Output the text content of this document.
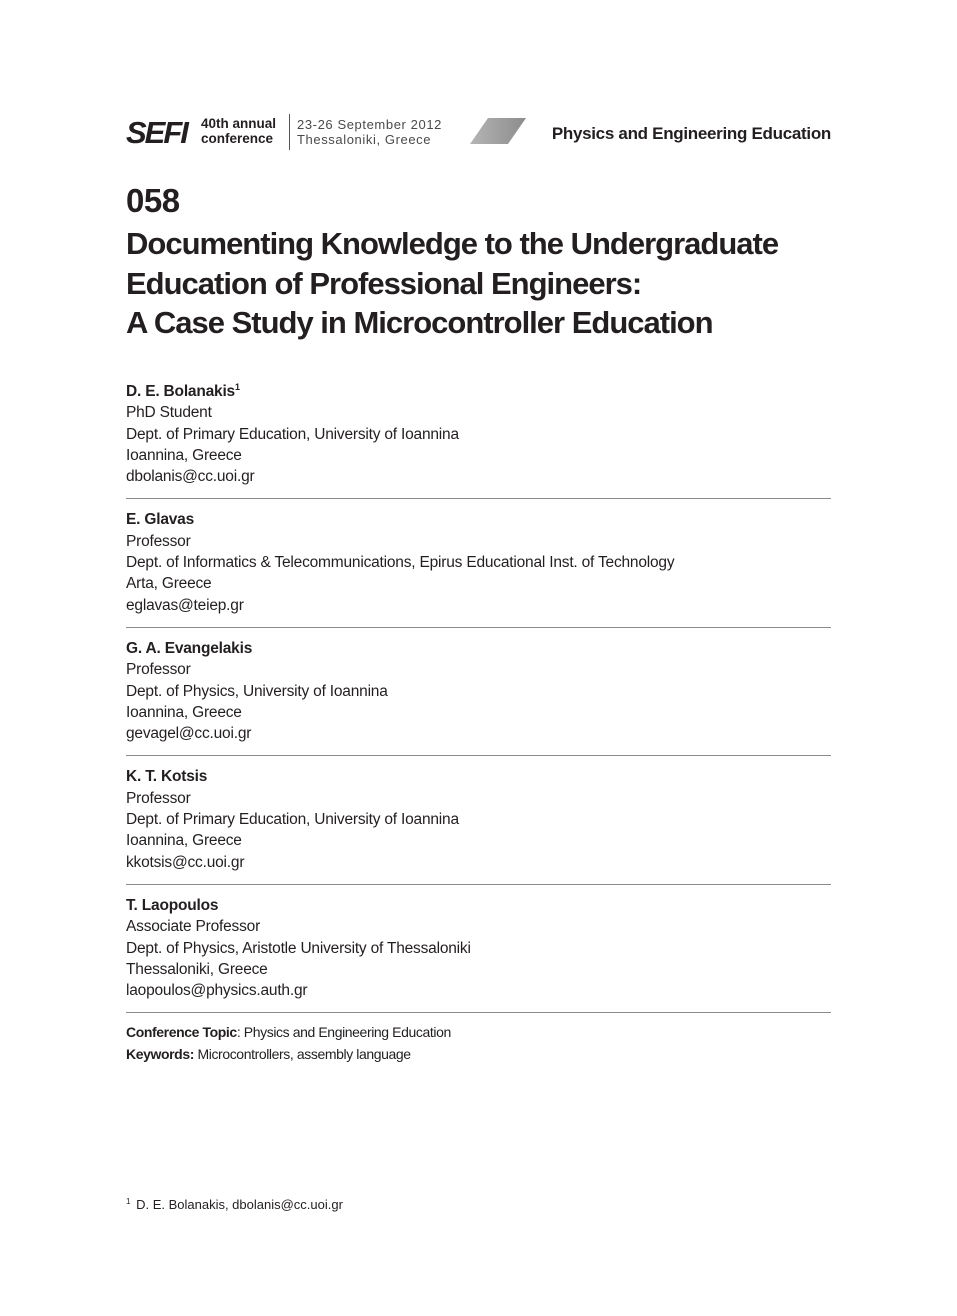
SEFI 40th annual
conference
23-26 September 2012
Thessaloniki, Greece	Physics and Engineering Education
058
Documenting Knowledge to the Undergraduate
Education of Professional Engineers:
A Case Study in Microcontroller Education
D. E. Bolanakis$^1$
PhD Student
Dept. of Primary Education, University of Ioannina
Ioannina, Greece
dbolanis@cc.uoi.gr
E. Glavas
Professor
Dept. of Informatics & Telecommunications, Epirus Educational Inst. of Technology
Arta, Greece
eglavas@teiep.gr
G. A. Evangelakis
Professor
Dept. of Physics, University of Ioannina
Ioannina, Greece
gevagel@cc.uoi.gr
K. T. Kotsis
Professor
Dept. of Primary Education, University of Ioannina
Ioannina, Greece
kkotsis@cc.uoi.gr
T. Laopoulos
Associate Professor
Dept. of Physics, Aristotle University of Thessaloniki
Thessaloniki, Greece
laopoulos@physics.auth.gr
Conference Topic: Physics and Engineering Education
Keywords: Microcontrollers, assembly language
$^1$ D. E. Bolanakis, dbolanis@cc.uoi.gr
